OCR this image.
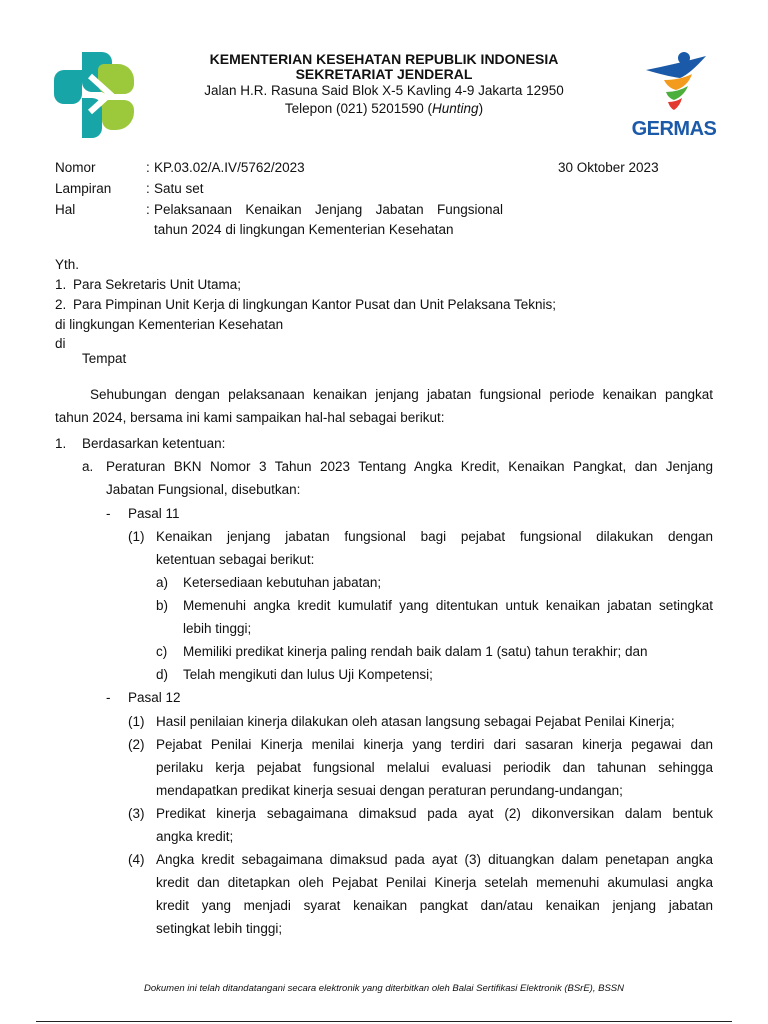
KEMENTERIAN KESEHATAN REPUBLIK INDONESIA
SEKRETARIAT JENDERAL
Jalan H.R. Rasuna Said Blok X-5 Kavling 4-9 Jakarta 12950
Telepon (021) 5201590 (Hunting)
GERMAS
Nomor	: KP.03.02/A.IV/5762/2023	30 Oktober 2023
Lampiran	: Satu set
Hal	: Pelaksanaan Kenaikan Jenjang Jabatan Fungsional
tahun 2024 di lingkungan Kementerian Kesehatan
Yth.
1. Para Sekretaris Unit Utama;
2. Para Pimpinan Unit Kerja di lingkungan Kantor Pusat dan Unit Pelaksana Teknis;
di lingkungan Kementerian Kesehatan
di
Tempat
Sehubungan dengan pelaksanaan kenaikan jenjang jabatan fungsional periode kenaikan pangkat
tahun 2024, bersama ini kami sampaikan hal-hal sebagai berikut:
1. Berdasarkan ketentuan:
a. Peraturan BKN Nomor 3 Tahun 2023 Tentang Angka Kredit, Kenaikan Pangkat, dan Jenjang
Jabatan Fungsional, disebutkan:
- Pasal 11
(1) Kenaikan jenjang jabatan fungsional bagi pejabat fungsional dilakukan dengan
ketentuan sebagai berikut:
a) Ketersediaan kebutuhan jabatan;
b) Memenuhi angka kredit kumulatif yang ditentukan untuk kenaikan jabatan setingkat
lebih tinggi;
c) Memiliki predikat kinerja paling rendah baik dalam 1 (satu) tahun terakhir; dan
d) Telah mengikuti dan lulus Uji Kompetensi;
- Pasal 12
(1) Hasil penilaian kinerja dilakukan oleh atasan langsung sebagai Pejabat Penilai Kinerja;
(2) Pejabat Penilai Kinerja menilai kinerja yang terdiri dari sasaran kinerja pegawai dan
perilaku kerja pejabat fungsional melalui evaluasi periodik dan tahunan sehingga
mendapatkan predikat kinerja sesuai dengan peraturan perundang-undangan;
(3) Predikat kinerja sebagaimana dimaksud pada ayat (2) dikonversikan dalam bentuk
angka kredit;
(4) Angka kredit sebagaimana dimaksud pada ayat (3) dituangkan dalam penetapan angka
kredit dan ditetapkan oleh Pejabat Penilai Kinerja setelah memenuhi akumulasi angka
kredit yang menjadi syarat kenaikan pangkat dan/atau kenaikan jenjang jabatan
setingkat lebih tinggi;
Dokumen ini telah ditandatangani secara elektronik yang diterbitkan oleh Balai Sertifikasi Elektronik (BSrE), BSSN
